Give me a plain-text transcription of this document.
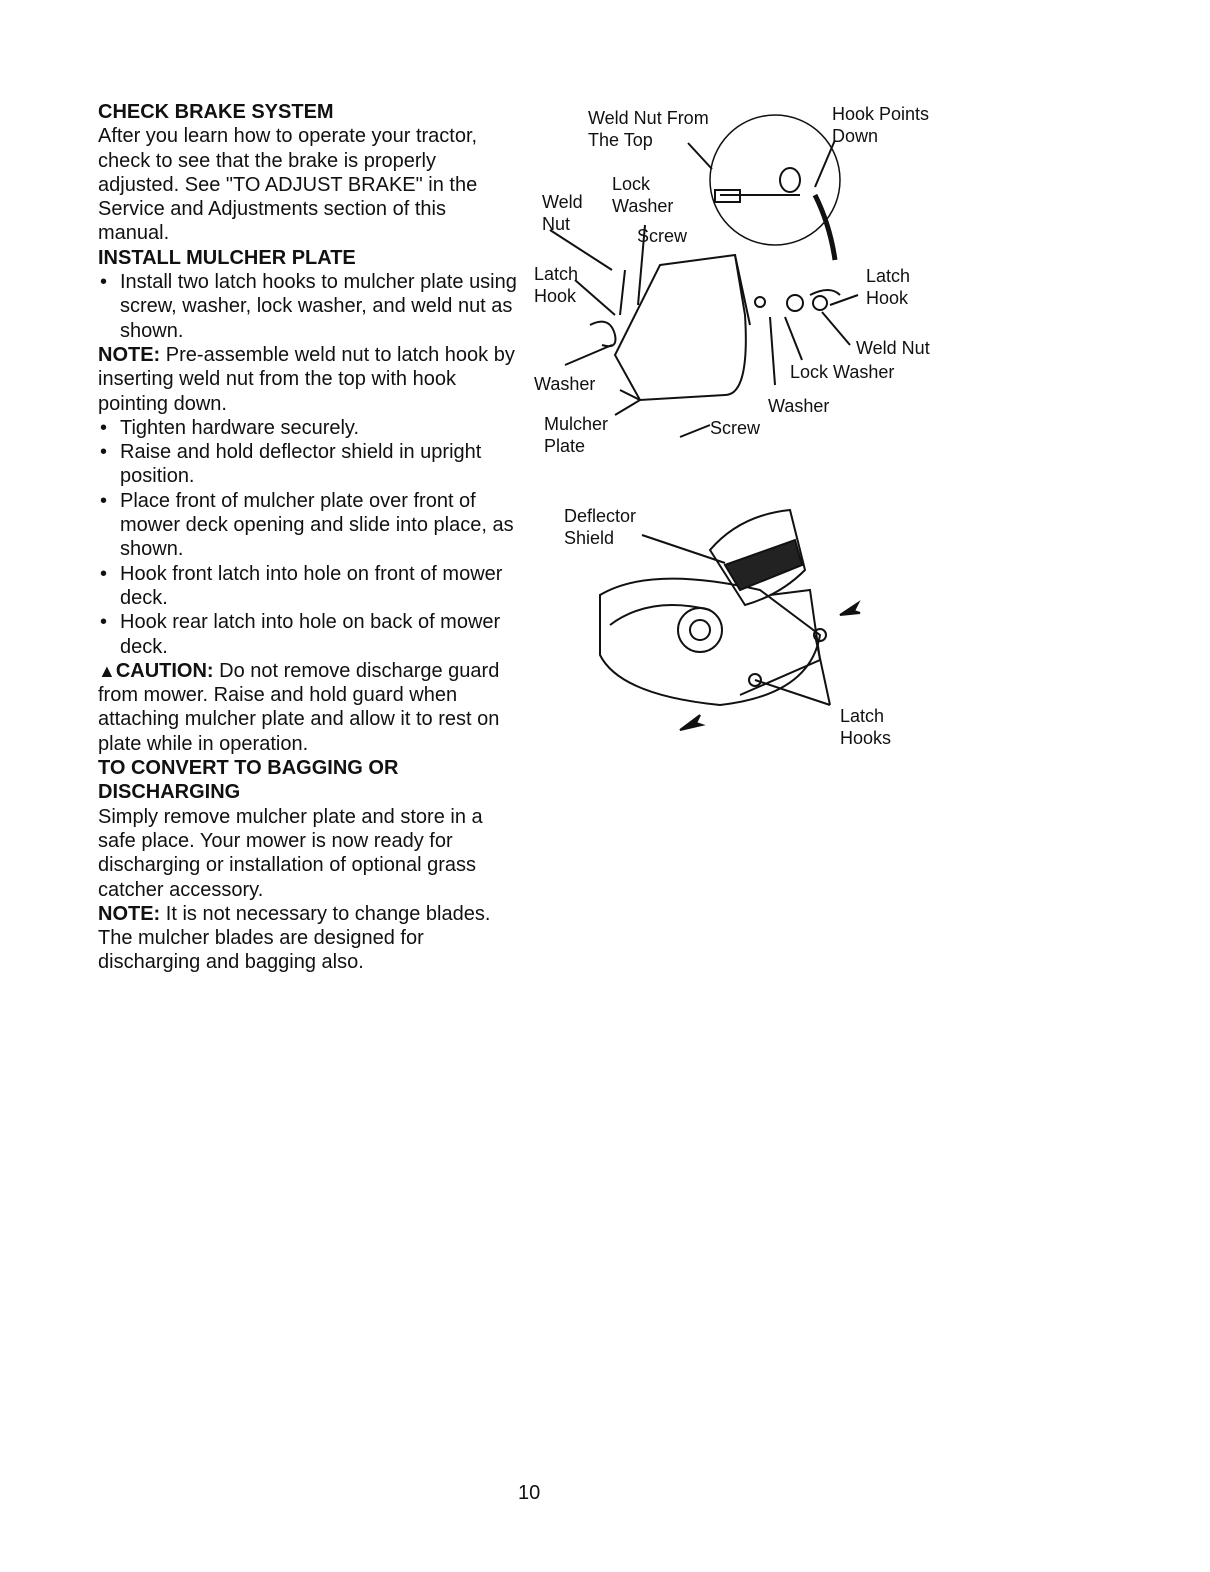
CHECK BRAKE SYSTEM

After you learn how to operate your tractor, check to see that the brake is properly adjusted. See "TO ADJUST BRAKE" in the Service and Adjustments section of this manual.

INSTALL MULCHER PLATE

• Install two latch hooks to mulcher plate using screw, washer, lock washer, and weld nut as shown.

NOTE: Pre-assemble weld nut to latch hook by inserting weld nut from the top with hook pointing down.

• Tighten hardware securely.

• Raise and hold deflector shield in upright position.

• Place front of mulcher plate over front of mower deck opening and slide into place, as shown.

• Hook front latch into hole on front of mower deck.

• Hook rear latch into hole on back of mower deck.

▲CAUTION: Do not remove discharge guard from mower. Raise and hold guard when attaching mulcher plate and allow it to rest on plate while in operation.

TO CONVERT TO BAGGING OR DISCHARGING

Simply remove mulcher plate and store in a safe place. Your mower is now ready for discharging or installation of optional grass catcher accessory.

NOTE: It is not necessary to change blades. The mulcher blades are designed for discharging and bagging also.

Weld Nut From
The Top
Hook Points
Down
Lock
Washer
Weld
Nut
Screw
Latch
Hook
Latch
Hook
Weld Nut
Lock Washer
Washer
Washer
Mulcher
Plate
Screw
Deflector
Shield
Latch
Hooks
10
